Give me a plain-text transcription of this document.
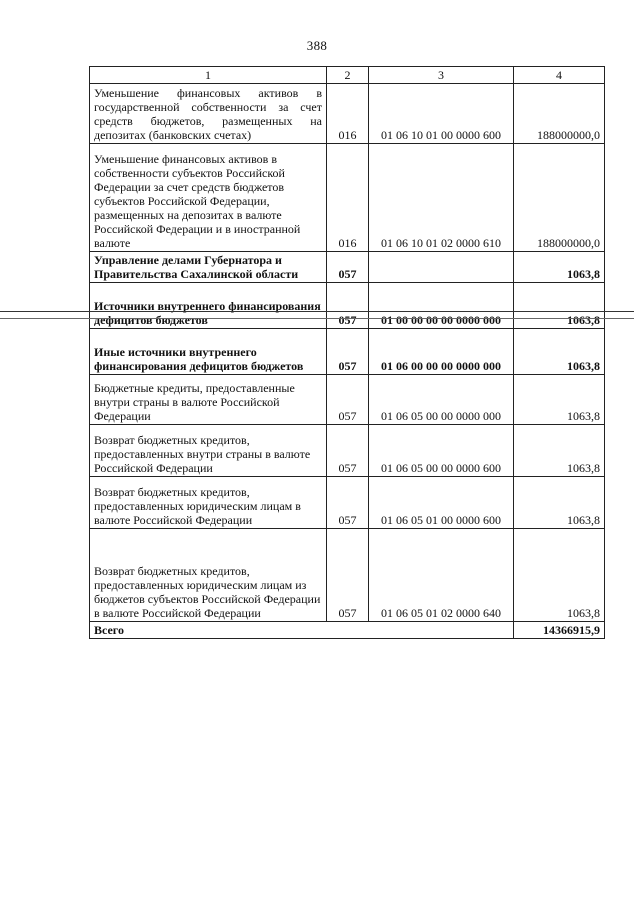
388
1	2	3	4
Уменьшение финансовых активов в государственной собственности за счет средств бюджетов, размещенных на депозитах (банковских счетах)	016	01 06 10 01 00 0000 600	188000000,0
Уменьшение финансовых активов в собственности субъектов Российской Федерации за счет средств бюджетов субъектов Российской Федерации, размещенных на депозитах в валюте Российской Федерации и в иностранной валюте	016	01 06 10 01 02 0000 610	188000000,0
Управление делами Губернатора и Правительства Сахалинской области	057		1063,8
Источники внутреннего финансирования дефицитов бюджетов	057	01 00 00 00 00 0000 000	1063,8
Иные источники внутреннего финансирования дефицитов бюджетов	057	01 06 00 00 00 0000 000	1063,8
Бюджетные кредиты, предоставленные внутри страны в валюте Российской Федерации	057	01 06 05 00 00 0000 000	1063,8
Возврат бюджетных кредитов, предоставленных внутри страны в валюте Российской Федерации	057	01 06 05 00 00 0000 600	1063,8
Возврат бюджетных кредитов, предоставленных юридическим лицам в валюте Российской Федерации	057	01 06 05 01 00 0000 600	1063,8
Возврат бюджетных кредитов, предоставленных юридическим лицам из бюджетов субъектов Российской Федерации в валюте Российской Федерации	057	01 06 05 01 02 0000 640	1063,8
Всего			14366915,9
